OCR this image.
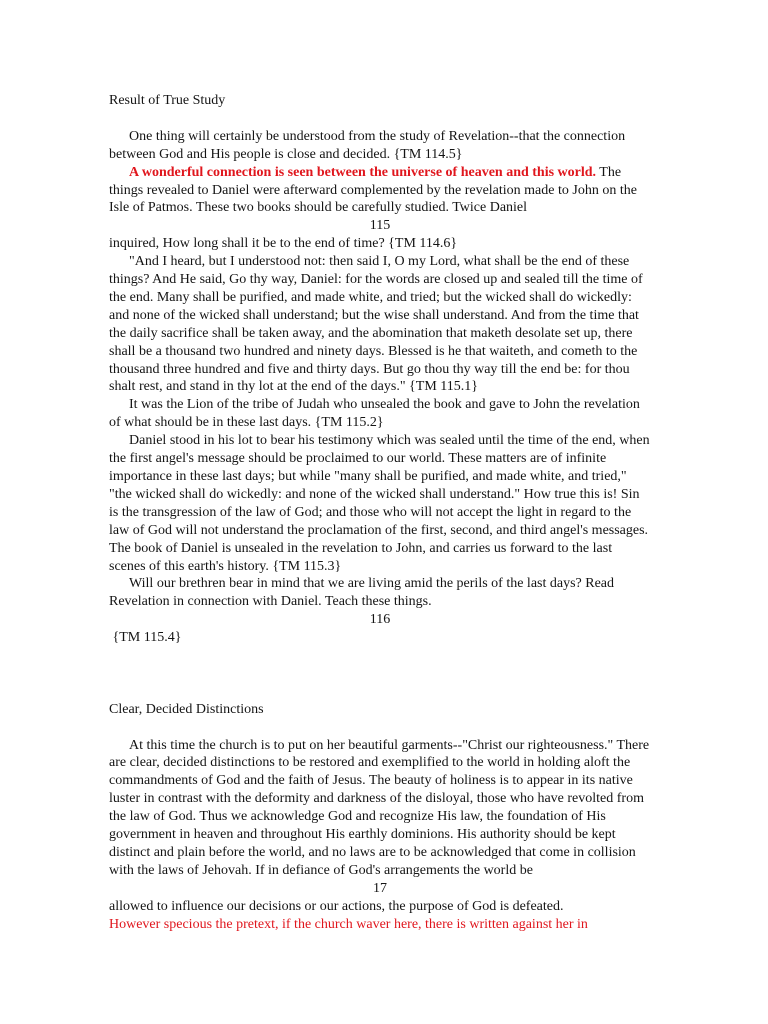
Result of True Study

One thing will certainly be understood from the study of Revelation--that the connection between God and His people is close and decided. {TM 114.5}

A wonderful connection is seen between the universe of heaven and this world. The things revealed to Daniel were afterward complemented by the revelation made to John on the Isle of Patmos. These two books should be carefully studied. Twice Daniel

115

inquired, How long shall it be to the end of time? {TM 114.6}

"And I heard, but I understood not: then said I, O my Lord, what shall be the end of these things? And He said, Go thy way, Daniel: for the words are closed up and sealed till the time of the end. Many shall be purified, and made white, and tried; but the wicked shall do wickedly: and none of the wicked shall understand; but the wise shall understand. And from the time that the daily sacrifice shall be taken away, and the abomination that maketh desolate set up, there shall be a thousand two hundred and ninety days. Blessed is he that waiteth, and cometh to the thousand three hundred and five and thirty days. But go thou thy way till the end be: for thou shalt rest, and stand in thy lot at the end of the days." {TM 115.1}

It was the Lion of the tribe of Judah who unsealed the book and gave to John the revelation of what should be in these last days. {TM 115.2}

Daniel stood in his lot to bear his testimony which was sealed until the time of the end, when the first angel's message should be proclaimed to our world. These matters are of infinite importance in these last days; but while "many shall be purified, and made white, and tried," "the wicked shall do wickedly: and none of the wicked shall understand." How true this is! Sin is the transgression of the law of God; and those who will not accept the light in regard to the law of God will not understand the proclamation of the first, second, and third angel's messages. The book of Daniel is unsealed in the revelation to John, and carries us forward to the last scenes of this earth's history. {TM 115.3}

Will our brethren bear in mind that we are living amid the perils of the last days? Read Revelation in connection with Daniel. Teach these things.

116

{TM 115.4}

Clear, Decided Distinctions

At this time the church is to put on her beautiful garments--"Christ our righteousness." There are clear, decided distinctions to be restored and exemplified to the world in holding aloft the commandments of God and the faith of Jesus. The beauty of holiness is to appear in its native luster in contrast with the deformity and darkness of the disloyal, those who have revolted from the law of God. Thus we acknowledge God and recognize His law, the foundation of His government in heaven and throughout His earthly dominions. His authority should be kept distinct and plain before the world, and no laws are to be acknowledged that come in collision with the laws of Jehovah. If in defiance of God's arrangements the world be

17

allowed to influence our decisions or our actions, the purpose of God is defeated.

However specious the pretext, if the church waver here, there is written against her in
